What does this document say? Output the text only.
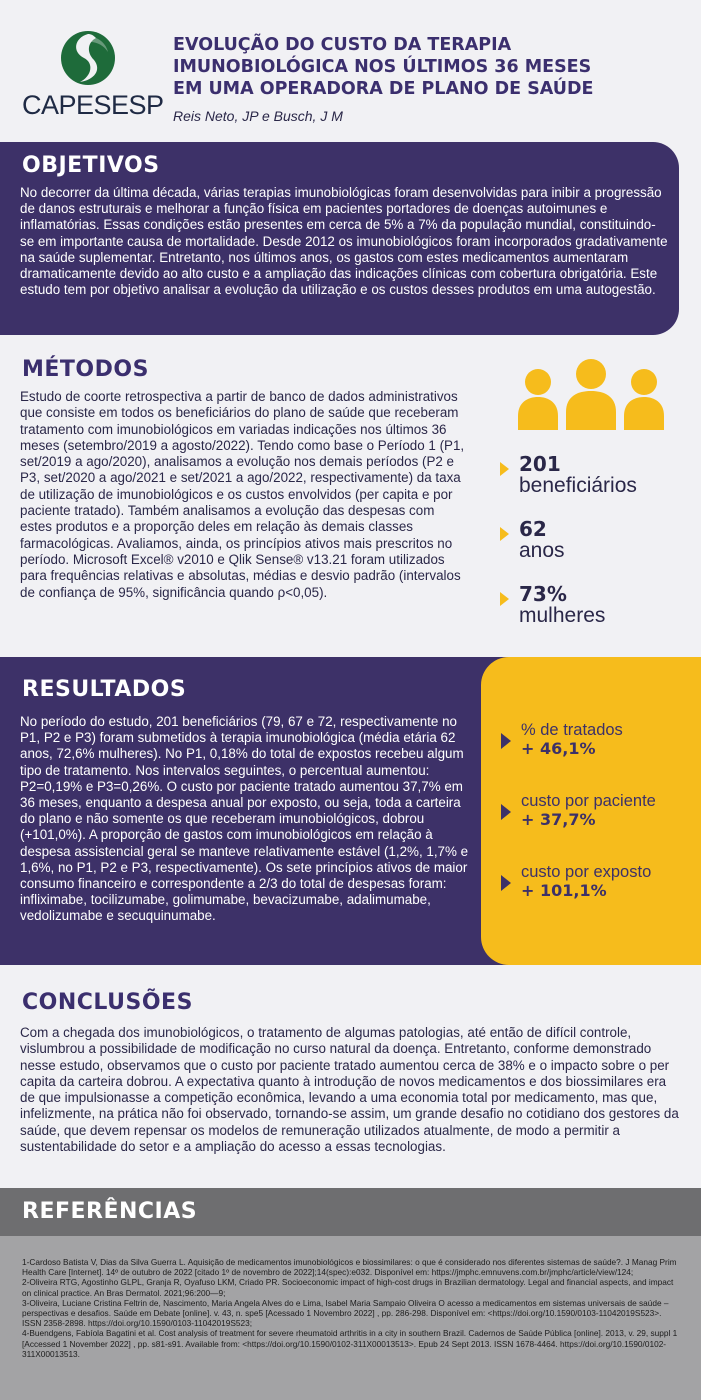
CAPESESP
EVOLUÇÃO DO CUSTO DA TERAPIA IMUNOBIOLÓGICA NOS ÚLTIMOS 36 MESES EM UMA OPERADORA DE PLANO DE SAÚDE
Reis Neto, JP e Busch, J M
OBJETIVOS
No decorrer da última década, várias terapias imunobiológicas foram desenvolvidas para inibir a progressão de danos estruturais e melhorar a função física em pacientes portadores de doenças autoimunes e inflamatórias. Essas condições estão presentes em cerca de 5% a 7% da população mundial, constituindo-se em importante causa de mortalidade. Desde 2012 os imunobiológicos foram incorporados gradativamente na saúde suplementar. Entretanto, nos últimos anos, os gastos com estes medicamentos aumentaram dramaticamente devido ao alto custo e a ampliação das indicações clínicas com cobertura obrigatória. Este estudo tem por objetivo analisar a evolução da utilização e os custos desses produtos em uma autogestão.
MÉTODOS
Estudo de coorte retrospectiva a partir de banco de dados administrativos que consiste em todos os beneficiários do plano de saúde que receberam tratamento com imunobiológicos em variadas indicações nos últimos 36 meses (setembro/2019 a agosto/2022). Tendo como base o Período 1 (P1, set/2019 a ago/2020), analisamos a evolução nos demais períodos (P2 e P3, set/2020 a ago/2021 e set/2021 a ago/2022, respectivamente) da taxa de utilização de imunobiológicos e os custos envolvidos (per capita e por paciente tratado). Também analisamos a evolução das despesas com estes produtos e a proporção deles em relação às demais classes farmacológicas. Avaliamos, ainda, os princípios ativos mais prescritos no período. Microsoft Excel® v2010 e Qlik Sense® v13.21 foram utilizados para frequências relativas e absolutas, médias e desvio padrão (intervalos de confiança de 95%, significância quando ρ<0,05).
201
beneficiários
62
anos
73%
mulheres
RESULTADOS
No período do estudo, 201 beneficiários (79, 67 e 72, respectivamente no P1, P2 e P3) foram submetidos à terapia imunobiológica (média etária 62 anos, 72,6% mulheres). No P1, 0,18% do total de expostos recebeu algum tipo de tratamento. Nos intervalos seguintes, o percentual aumentou: P2=0,19% e P3=0,26%. O custo por paciente tratado aumentou 37,7% em 36 meses, enquanto a despesa anual por exposto, ou seja, toda a carteira do plano e não somente os que receberam imunobiológicos, dobrou (+101,0%). A proporção de gastos com imunobiológicos em relação à despesa assistencial geral se manteve relativamente estável (1,2%, 1,7% e 1,6%, no P1, P2 e P3, respectivamente). Os sete princípios ativos de maior consumo financeiro e correspondente a 2/3 do total de despesas foram: infliximabe, tocilizumabe, golimumabe, bevacizumabe, adalimumabe, vedolizumabe e secuquinumabe.
% de tratados
+ 46,1%
custo por paciente
+ 37,7%
custo por exposto
+ 101,1%
CONCLUSÕES
Com a chegada dos imunobiológicos, o tratamento de algumas patologias, até então de difícil controle, vislumbrou a possibilidade de modificação no curso natural da doença. Entretanto, conforme demonstrado nesse estudo, observamos que o custo por paciente tratado aumentou cerca de 38% e o impacto sobre o per capita da carteira dobrou. A expectativa quanto à introdução de novos medicamentos e dos biossimilares era de que impulsionasse a competição econômica, levando a uma economia total por medicamento, mas que, infelizmente, na prática não foi observado, tornando-se assim, um grande desafio no cotidiano dos gestores da saúde, que devem repensar os modelos de remuneração utilizados atualmente, de modo a permitir a sustentabilidade do setor e a ampliação do acesso a essas tecnologias.
REFERÊNCIAS

1-Cardoso Batista V, Dias da Silva Guerra L. Aquisição de medicamentos imunobiológicos e biossimilares: o que é considerado nos diferentes sistemas de saúde?. J Manag Prim Health Care [Internet]. 14º de outubro de 2022 [citado 1º de novembro de 2022];14(spec):e032. Disponível em: https://jmphc.emnuvens.com.br/jmphc/article/view/124;

2-Oliveira RTG, Agostinho GLPL, Granja R, Oyafuso LKM, Criado PR. Socioeconomic impact of high-cost drugs in Brazilian dermatology. Legal and financial aspects, and impact on clinical practice. An Bras Dermatol. 2021;96:200—9;

3-Oliveira, Luciane Cristina Feltrin de, Nascimento, Maria Angela Alves do e Lima, Isabel Maria Sampaio Oliveira O acesso a medicamentos em sistemas universais de saúde – perspectivas e desafios. Saúde em Debate [online]. v. 43, n. spe5 [Acessado 1 Novembro 2022] , pp. 286-298. Disponível em: <https://doi.org/10.1590/0103-11042019S523>. ISSN 2358-2898. https://doi.org/10.1590/0103-11042019S523;

4-Buendgens, Fabíola Bagatini et al. Cost analysis of treatment for severe rheumatoid arthritis in a city in southern Brazil. Cadernos de Saúde Pública [online]. 2013, v. 29, suppl 1 [Accessed 1 November 2022] , pp. s81-s91. Available from: <https://doi.org/10.1590/0102-311X00013513>. Epub 24 Sept 2013. ISSN 1678-4464. https://doi.org/10.1590/0102-311X00013513.
